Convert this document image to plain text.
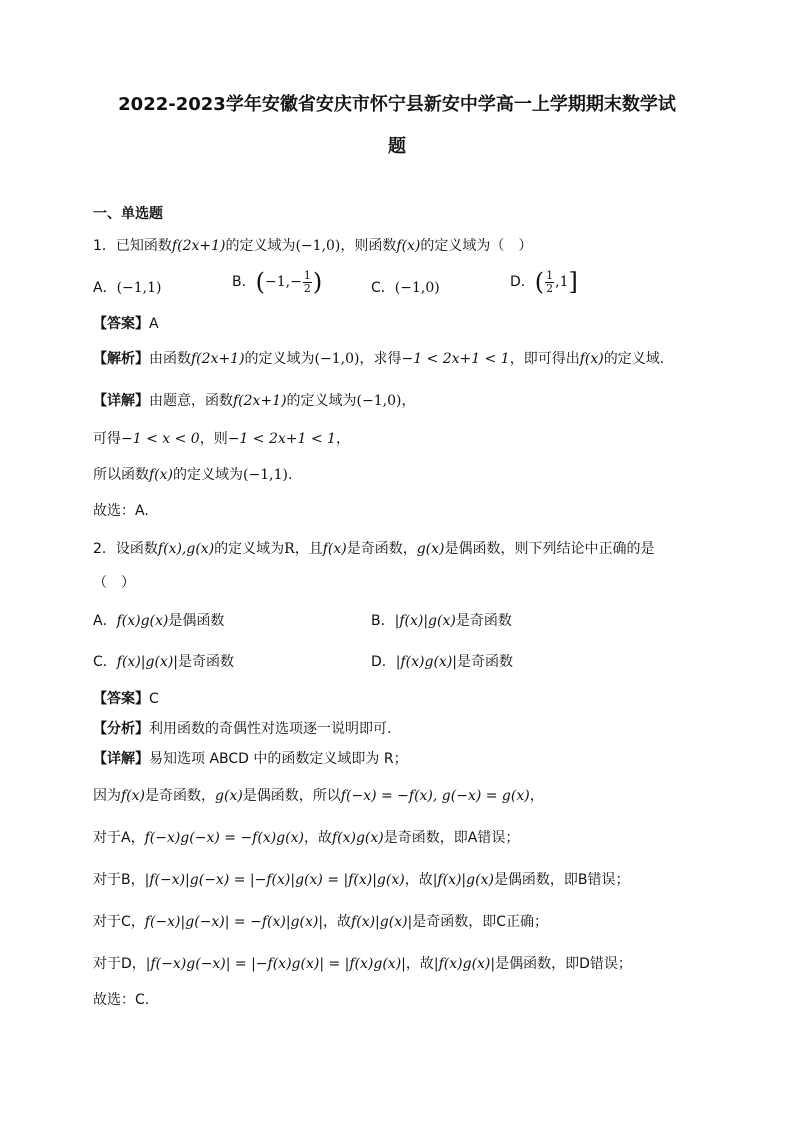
2022-2023学年安徽省安庆市怀宁县新安中学高一上学期期末数学试
题
一、单选题
1．已知函数f(2x+1)的定义域为(−1,0)，则函数f(x)的定义域为（　）
A．(−1,1)	B．($-1,- \frac{1}{2}$ )	C．(−1,0)	D．( $\frac{1}{2} ,1$]
【答案】A
【解析】由函数f(2x+1)的定义域为(−1,0)，求得−1 < 2x+1 < 1，即可得出f(x)的定义域.
【详解】由题意，函数f(2x+1)的定义域为(−1,0)，
可得−1 < x < 0，则−1 < 2x+1 < 1，
所以函数f(x)的定义域为(−1,1).
故选：A.
2．设函数f(x),g(x)的定义域为R，且f(x)是奇函数，g(x)是偶函数，则下列结论中正确的是
（　）
A．f(x)g(x)是偶函数	B．|f(x)|g(x)是奇函数
C．f(x)|g(x)|是奇函数	D．|f(x)g(x)|是奇函数
【答案】C
【分析】利用函数的奇偶性对选项逐一说明即可.
【详解】易知选项 ABCD 中的函数定义域即为 R；
因为f(x)是奇函数，g(x)是偶函数，所以f(−x) = −f(x), g(−x) = g(x)，
对于A，f(−x)g(−x) = −f(x)g(x)，故f(x)g(x)是奇函数，即A错误；
对于B，|f(−x)|g(−x) = |−f(x)|g(x) = |f(x)|g(x)，故|f(x)|g(x)是偶函数，即B错误；
对于C，f(−x)|g(−x)| = −f(x)|g(x)|，故f(x)|g(x)|是奇函数，即C正确；
对于D，|f(−x)g(−x)| = |−f(x)g(x)| = |f(x)g(x)|，故|f(x)g(x)|是偶函数，即D错误；
故选：C.
